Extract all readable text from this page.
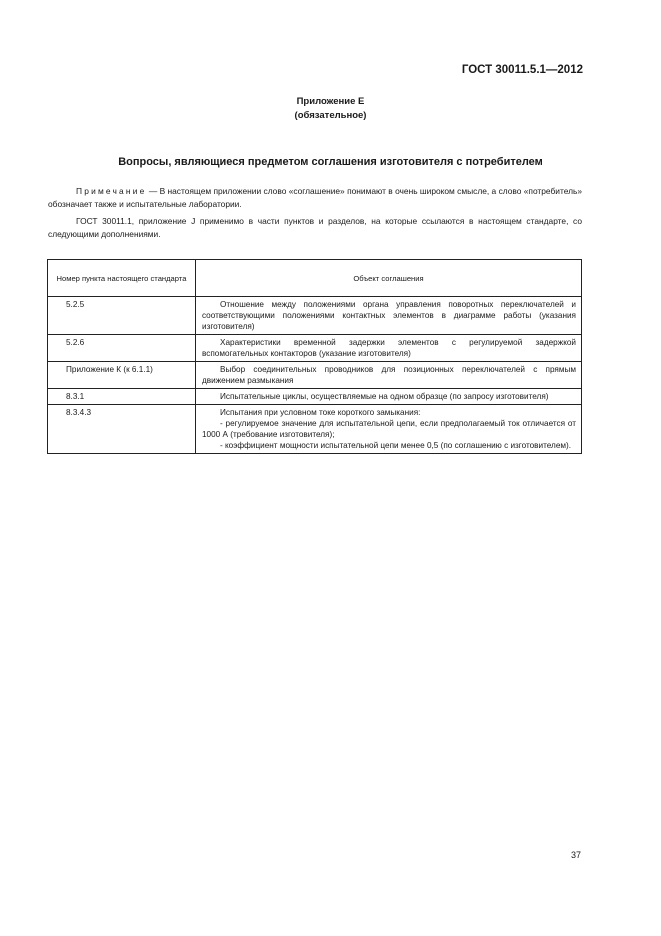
ГОСТ 30011.5.1—2012
Приложение Е
(обязательное)
Вопросы, являющиеся предметом соглашения изготовителя с потребителем
Примечание — В настоящем приложении слово «соглашение» понимают в очень широком смысле, а слово «потребитель» обозначает также и испытательные лаборатории.
ГОСТ 30011.1, приложение J применимо в части пунктов и разделов, на которые ссылаются в настоящем стандарте, со следующими дополнениями.
Номер пункта настоящего стандарта	Объект соглашения
5.2.5	Отношение между положениями органа управления поворотных переключателей и соответствующими положениями контактных элементов в диаграмме работы (указания изготовителя)

5.2.6	Характеристики временной задержки элементов с регулируемой задержкой вспомогательных контакторов (указание изготовителя)

Приложение К (к 6.1.1)	Выбор соединительных проводников для позиционных переключателей с прямым движением размыкания

8.3.1	Испытательные циклы, осуществляемые на одном образце (по запросу изготовителя)

8.3.4.3	Испытания при условном токе короткого замыкания:
- регулируемое значение для испытательной цепи, если предполагаемый ток отличается от 1000 А (требование изготовителя);
- коэффициент мощности испытательной цепи менее 0,5 (по соглашению с изготовителем).
37
